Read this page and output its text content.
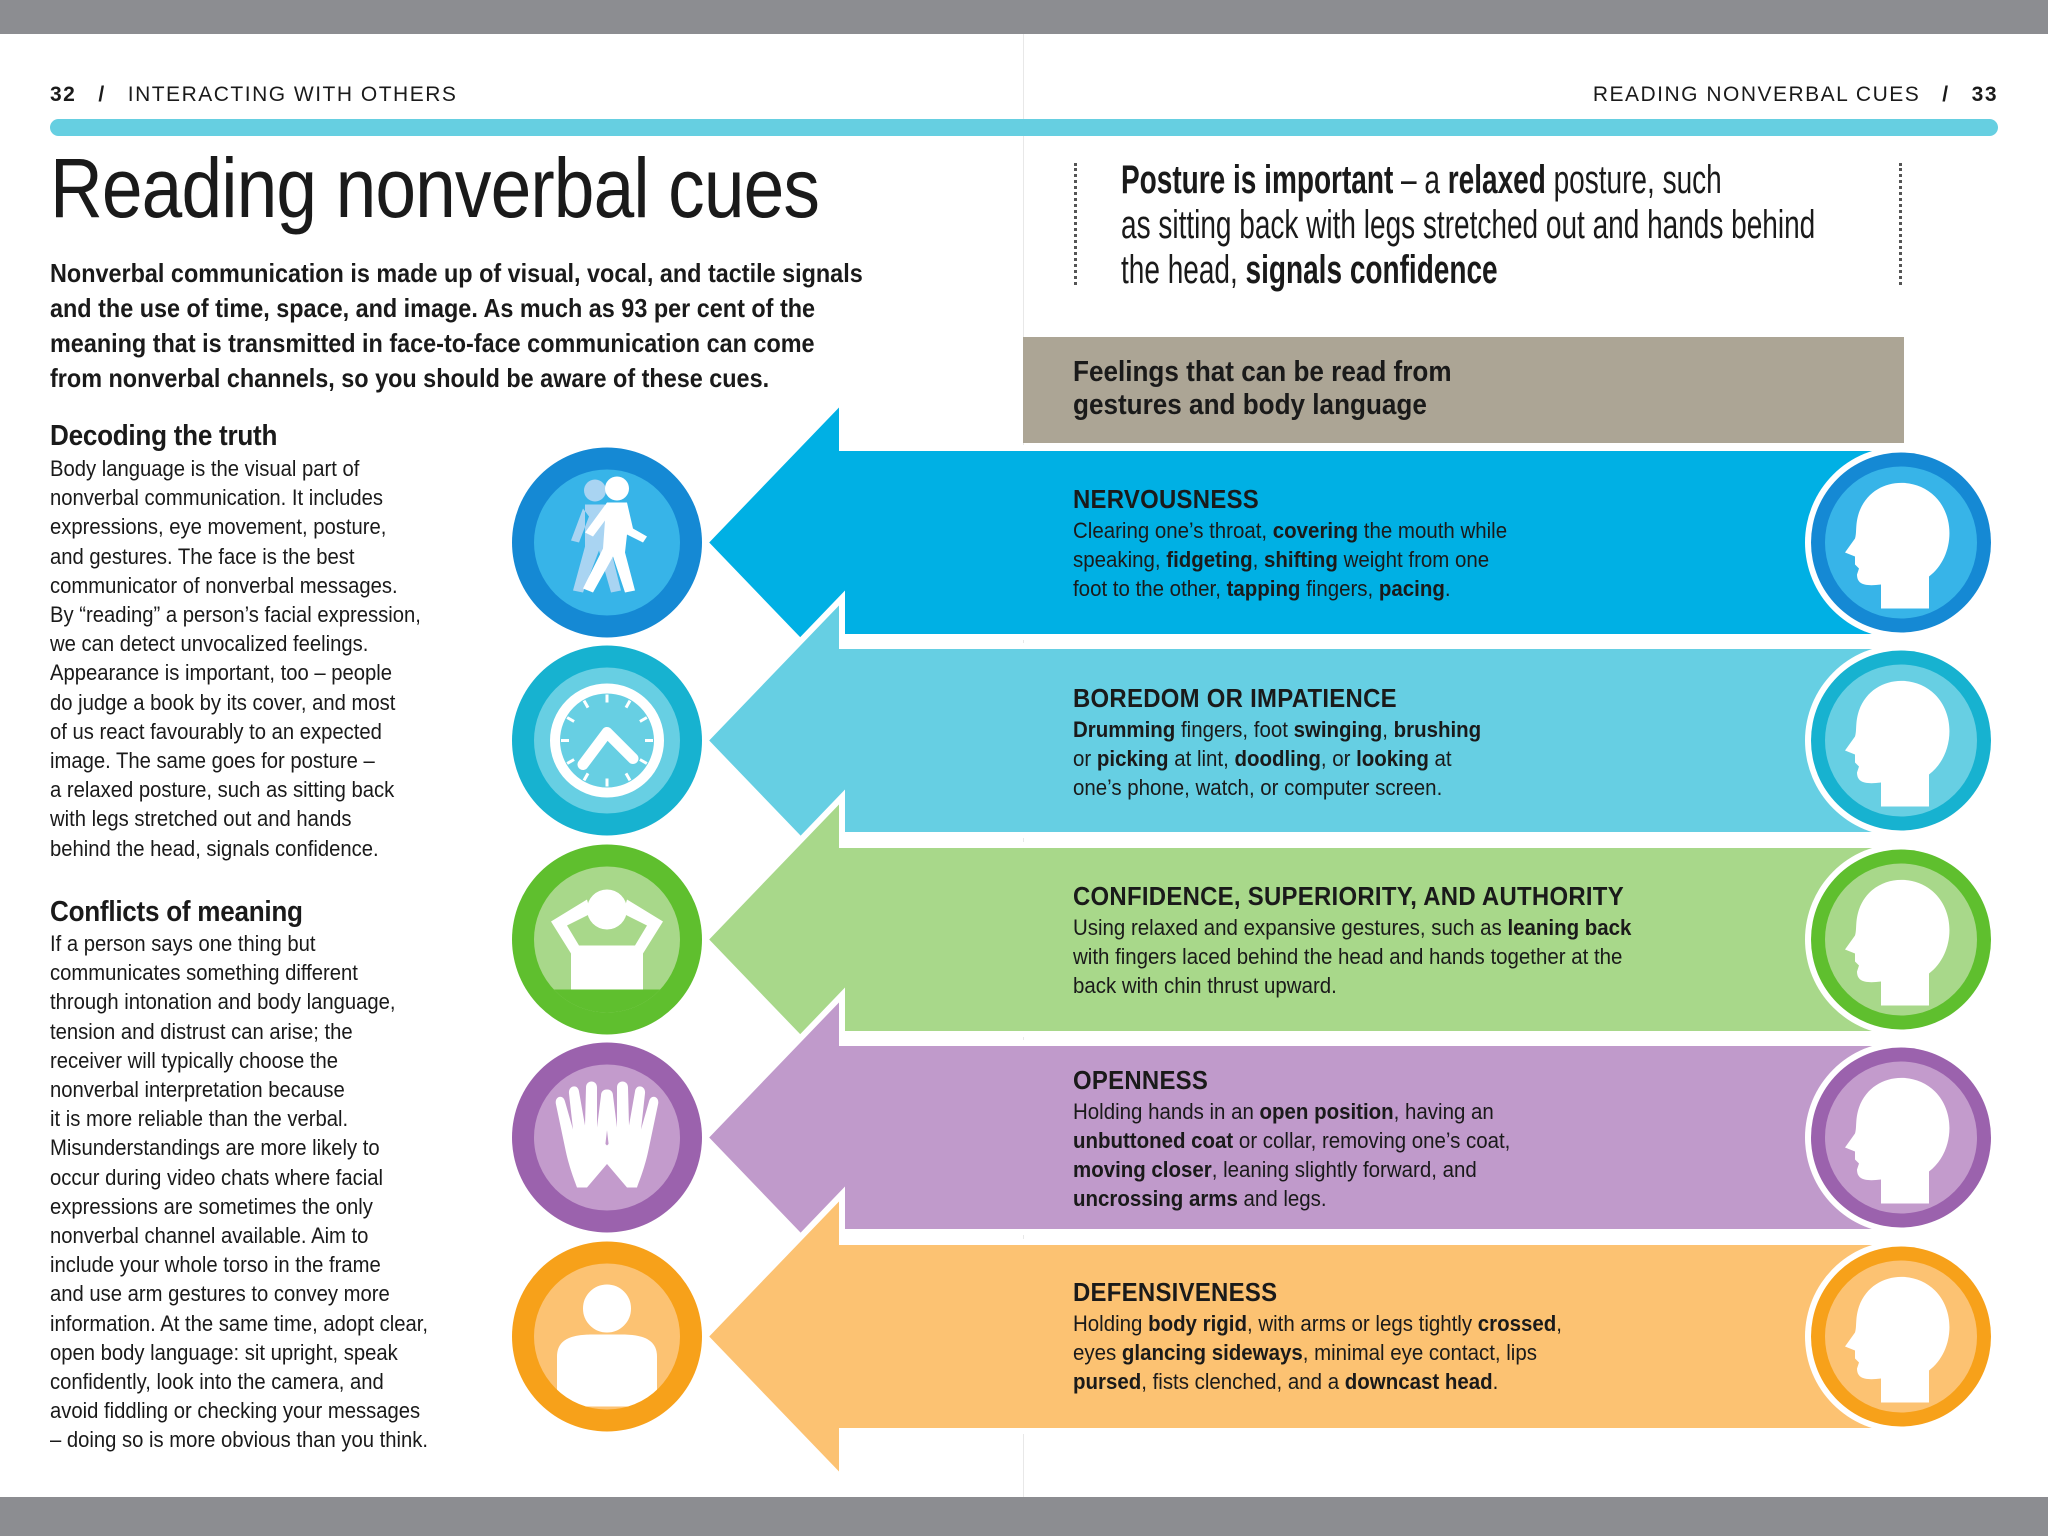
32 / INTERACTING WITH OTHERS	READING NONVERBAL CUES / 33
Reading nonverbal cues
Nonverbal communication is made up of visual, vocal, and tactile signals
and the use of time, space, and image. As much as 93 per cent of the
meaning that is transmitted in face-to-face communication can come
from nonverbal channels, so you should be aware of these cues.
Decoding the truth
Body language is the visual part of
nonverbal communication. It includes
expressions, eye movement, posture,
and gestures. The face is the best
communicator of nonverbal messages.
By “reading” a person’s facial expression,
we can detect unvocalized feelings.
Appearance is important, too – people
do judge a book by its cover, and most
of us react favourably to an expected
image. The same goes for posture –
a relaxed posture, such as sitting back
with legs stretched out and hands
behind the head, signals confidence.
Conflicts of meaning
If a person says one thing but
communicates something different
through intonation and body language,
tension and distrust can arise; the
receiver will typically choose the
nonverbal interpretation because
it is more reliable than the verbal.
Misunderstandings are more likely to
occur during video chats where facial
expressions are sometimes the only
nonverbal channel available. Aim to
include your whole torso in the frame
and use arm gestures to convey more
information. At the same time, adopt clear,
open body language: sit upright, speak
confidently, look into the camera, and
avoid fiddling or checking your messages
– doing so is more obvious than you think.
Posture is important – a relaxed posture, such
as sitting back with legs stretched out and hands behind
the head, signals confidence
Feelings that can be read from
gestures and body language
NERVOUSNESS
Clearing one’s throat, covering the mouth while
speaking, fidgeting, shifting weight from one
foot to the other, tapping fingers, pacing.
BOREDOM OR IMPATIENCE
Drumming fingers, foot swinging, brushing
or picking at lint, doodling, or looking at
one’s phone, watch, or computer screen.
CONFIDENCE, SUPERIORITY, AND AUTHORITY
Using relaxed and expansive gestures, such as leaning back
with fingers laced behind the head and hands together at the
back with chin thrust upward.
OPENNESS
Holding hands in an open position, having an
unbuttoned coat or collar, removing one’s coat,
moving closer, leaning slightly forward, and
uncrossing arms and legs.
DEFENSIVENESS
Holding body rigid, with arms or legs tightly crossed,
eyes glancing sideways, minimal eye contact, lips
pursed, fists clenched, and a downcast head.
